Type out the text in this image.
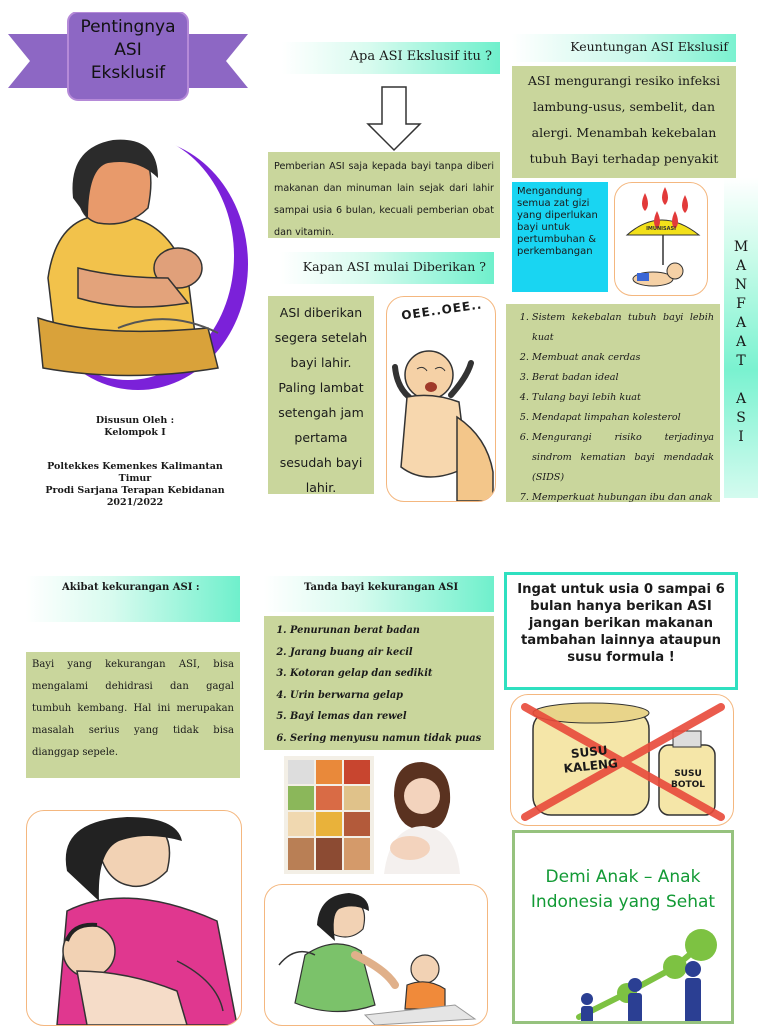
Pentingnya
ASI
Eksklusif
Disusun Oleh :
Kelompok I
Poltekkes Kemenkes Kalimantan Timur
Prodi Sarjana Terapan Kebidanan
2021/2022
Apa ASI Ekslusif itu ?
Pemberian ASI saja kepada bayi tanpa diberi makanan dan minuman lain sejak dari lahir sampai usia 6 bulan, kecuali pemberian obat dan vitamin.
Kapan ASI mulai Diberikan ?
ASI diberikan segera setelah bayi lahir. Paling lambat setengah jam pertama sesudah bayi lahir.
OEE..OEE..
Keuntungan ASI Ekslusif
ASI mengurangi resiko infeksi lambung-usus, sembelit, dan alergi. Menambah kekebalan tubuh Bayi terhadap penyakit
Mengandung semua zat gizi yang diperlukan bayi untuk pertumbuhan & perkembangan
IMUNISASI
M
A
N
F
A
A
T
A
S
I
1. Sistem kekebalan tubuh bayi lebih kuat
2. Membuat anak cerdas
3. Berat badan ideal
4. Tulang bayi lebih kuat
5. Mendapat limpahan kolesterol
6. Mengurangi risiko terjadinya sindrom kematian bayi mendadak (SIDS)
7. Memperkuat hubungan ibu dan anak
Akibat kekurangan ASI :
Bayi yang kekurangan ASI, bisa mengalami dehidrasi dan gagal tumbuh kembang. Hal ini merupakan masalah serius yang tidak bisa dianggap sepele.
Tanda bayi kekurangan ASI
1. Penurunan berat badan
2. Jarang buang air kecil
3. Kotoran gelap dan sedikit
4. Urin berwarna gelap
5. Bayi lemas dan rewel
6. Sering menyusu namun tidak puas
Ingat untuk usia 0 sampai 6 bulan hanya berikan ASI jangan berikan makanan tambahan lainnya ataupun susu formula !
SUSU KALENG	SUSU BOTOL
Demi Anak – Anak Indonesia yang Sehat
